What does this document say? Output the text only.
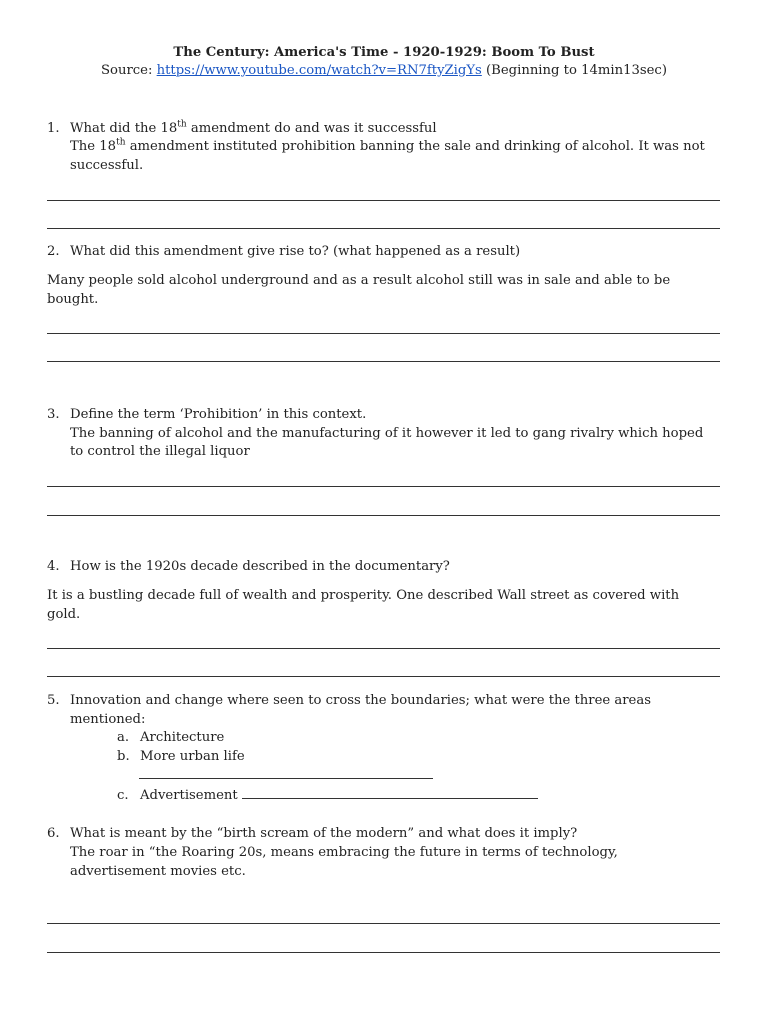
The Century: America's Time - 1920-1929: Boom To Bust
Source: https://www.youtube.com/watch?v=RN7ftyZigYs (Beginning to 14min13sec)
1. What did the 18th amendment do and was it successful
The 18th amendment instituted prohibition banning the sale and drinking of alcohol. It was not
successful.
2. What did this amendment give rise to? (what happened as a result)
Many people sold alcohol underground and as a result alcohol still was in sale and able to be
bought.
3. Define the term ‘Prohibition’ in this context.
The banning of alcohol and the manufacturing of it however it led to gang rivalry which hoped
to control the illegal liquor
4. How is the 1920s decade described in the documentary?
It is a bustling decade full of wealth and prosperity. One described Wall street as covered with
gold.
5. Innovation and change where seen to cross the boundaries; what were the three areas
mentioned:
a. Architecture
b. More urban life
c. Advertisement
6. What is meant by the “birth scream of the modern” and what does it imply?
The roar in “the Roaring 20s, means embracing the future in terms of technology,
advertisement movies etc.
